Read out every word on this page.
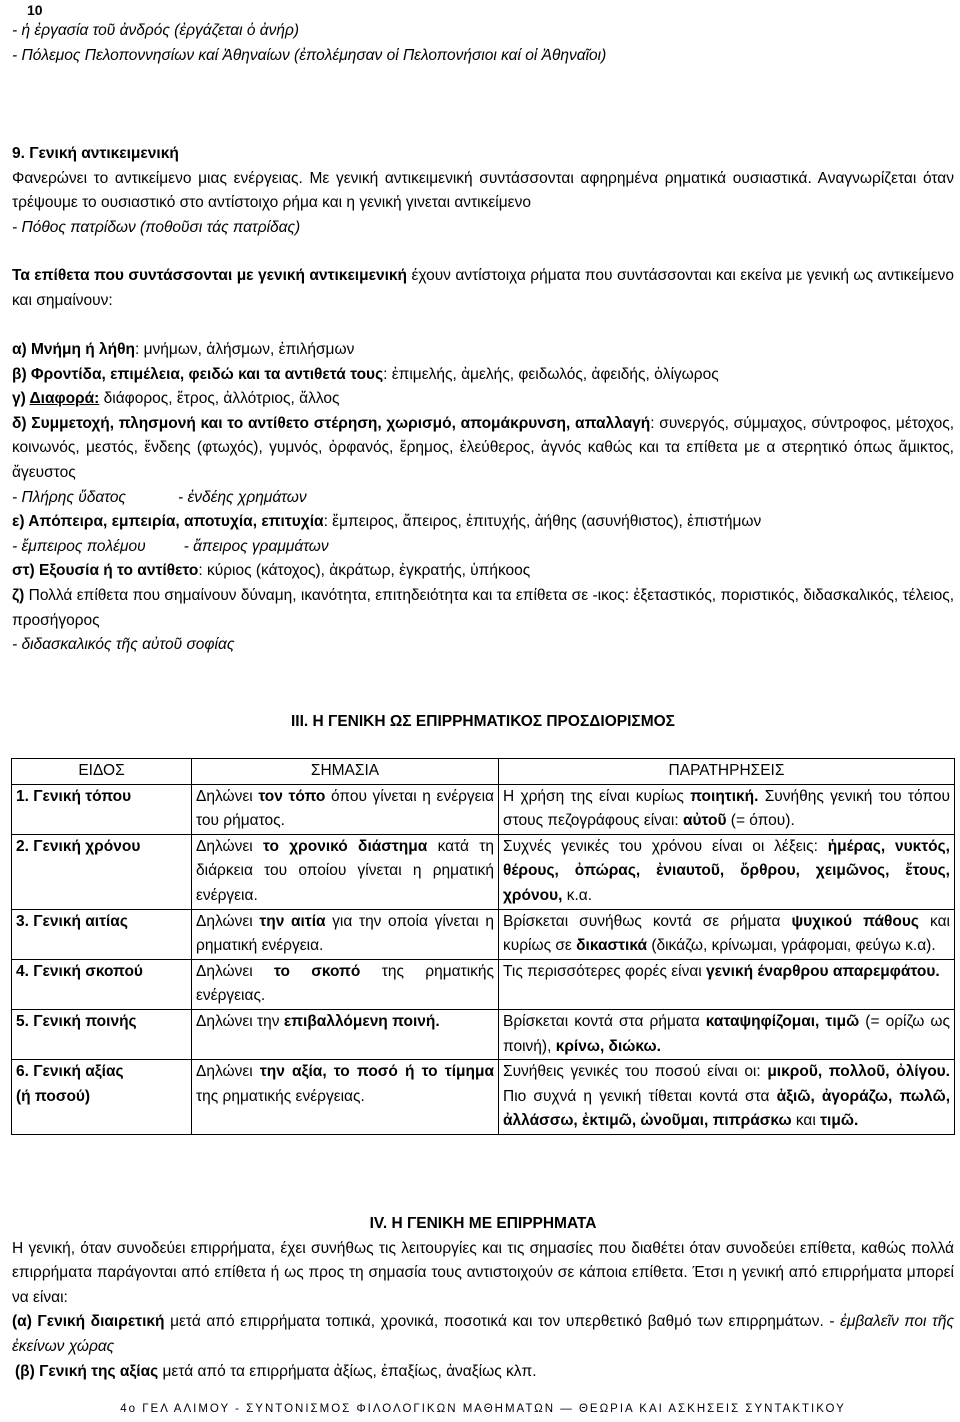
10

- ἡ ἐργασία τοῦ ἀνδρός (ἐργάζεται ὁ ἀνήρ)

- Πόλεμος Πελοποννησίων καί Ἀθηναίων (ἐπολέμησαν οἱ Πελοπονήσιοι καί οἱ Ἀθηναῖοι)

9. Γενική αντικειμενική

Φανερώνει το αντικείμενο μιας ενέργειας. Με γενική αντικειμενική συντάσσονται αφηρημένα ρηματικά ουσιαστικά. Αναγνωρίζεται όταν τρέψουμε το ουσιαστικό στο αντίστοιχο ρήμα και η γενική γινεται αντικείμενο

- Πόθος πατρίδων (ποθοῦσι τάς πατρίδας)

Τα επίθετα που συντάσσονται με γενική αντικειμενική έχουν αντίστοιχα ρήματα που συντάσσονται και εκείνα με γενική ως αντικείμενο και σημαίνουν:

α) Μνήμη ή λήθη: μνήμων, ἀλήσμων, ἐπιλήσμων

β) Φροντίδα, επιμέλεια, φειδώ και τα αντιθετά τους: ἐπιμελής, ἀμελής, φειδωλός, ἀφειδής, ὀλίγωρος

γ) Διαφορά: διάφορος, ἕτρος, ἀλλότριος, ἄλλος

δ) Συμμετοχή, πλησμονή και το αντίθετο στέρηση, χωρισμό, απομάκρυνση, απαλλαγή: συνεργός, σύμμαχος, σύντροφος, μέτοχος, κοινωνός, μεστός, ἔνδεης (φτωχός), γυμνός, ὀρφανός, ἔρημος, ἐλεύθερος, ἁγνός καθώς και τα επίθετα με α στερητικό όπως ἄμικτος, ἄγευστος

- Πλήρης ὕδατος	- ἐνδέης χρημάτων

ε) Απόπειρα, εμπειρία, αποτυχία, επιτυχία: ἔμπειρος, ἄπειρος, ἐπιτυχής, ἀήθης (ασυνήθιστος), ἐπιστήμων

- ἔμπειρος πολέμου - ἄπειρος γραμμάτων

στ) Εξουσία ή το αντίθετο: κύριος (κάτοχος), ἀκράτωρ, ἐγκρατής, ὑπήκοος

ζ) Πολλά επίθετα που σημαίνουν δύναμη, ικανότητα, επιτηδειότητα και τα επίθετα σε -ικος: ἐξεταστικός, ποριστικός, διδασκαλικός, τέλειος, προσήγορος

- διδασκαλικός τῆς αὐτοῦ σοφίας

ΙΙΙ. Η ΓΕΝΙΚΗ ΩΣ ΕΠΙΡΡΗΜΑΤΙΚΟΣ ΠΡΟΣΔΙΟΡΙΣΜΟΣ
ΕΙΔΟΣ	ΣΗΜΑΣΙΑ	ΠΑΡΑΤΗΡΗΣΕΙΣ
1. Γενική τόπου	Δηλώνει τον τόπο όπου γίνεται η ενέργεια του ρήματος.	Η χρήση της είναι κυρίως ποιητική. Συνήθης γενική του τόπου στους πεζογράφους είναι: αὐτοῦ (= όπου).
2. Γενική χρόνου	Δηλώνει το χρονικό διάστημα κατά τη διάρκεια του οποίου γίνεται η ρηματική ενέργεια.	Συχνές γενικές του χρόνου είναι οι λέξεις: ἡμέρας, νυκτός, θέρους, ὀπώρας, ἐνιαυτοῦ, ὄρθρου, χειμῶνος, ἔτους, χρόνου, κ.α.
3. Γενική αιτίας	Δηλώνει την αιτία για την οποία γίνεται η ρηματική ενέργεια.	Βρίσκεται συνήθως κοντά σε ρήματα ψυχικού πάθους και κυρίως σε δικαστικά (δικάζω, κρίνωμαι, γράφομαι, φεύγω κ.α).
4. Γενική σκοπού	Δηλώνει το σκοπό της ρηματικής ενέργειας.	Τις περισσότερες φορές είναι γενική έναρθρου απαρεμφάτου.
5. Γενική ποινής	Δηλώνει την επιβαλλόμενη ποινή.	Βρίσκεται κοντά στα ρήματα καταψηφίζομαι, τιμῶ (= ορίζω ως ποινή), κρίνω, διώκω.

6. Γενική αξίας
(ή ποσού)	Δηλώνει την αξία, το ποσό ή το τίμημα της ρηματικής ενέργειας.	Συνήθεις γενικές του ποσού είναι οι: μικροῦ, πολλοῦ, ὀλίγου. Πιο συχνά η γενική τίθεται κοντά στα ἀξιῶ, ἀγοράζω, πωλῶ, ἀλλάσσω, ἐκτιμῶ, ὠνοῦμαι, πιπράσκω και τιμῶ.

IV. Η ΓΕΝΙΚΗ ΜΕ ΕΠΙΡΡΗΜΑΤΑ

Η γενική, όταν συνοδεύει επιρρήματα, έχει συνήθως τις λειτουργίες και τις σημασίες που διαθέτει όταν συνοδεύει επίθετα, καθώς πολλά επιρρήματα παράγονται από επίθετα ή ως προς τη σημασία τους αντιστοιχούν σε κάποια επίθετα. Έτσι η γενική από επιρρήματα μπορεί να είναι:

(α) Γενική διαιρετική μετά από επιρρήματα τοπικά, χρονικά, ποσοτικά και τον υπερθετικό βαθμό των επιρρημάτων. - ἐμβαλεῖν ποι τῆς ἐκείνων χώρας

(β) Γενική της αξίας μετά από τα επιρρήματα ἀξίως, ἐπαξίως, ἀναξίως κλπ.

4ο ΓΕΛ ΑΛΙΜΟΥ - ΣΥΝΤΟΝΙΣΜΟΣ ΦΙΛΟΛΟΓΙΚΩΝ ΜΑΘΗΜΑΤΩΝ — ΘΕΩΡΙΑ ΚΑΙ ΑΣΚΗΣΕΙΣ ΣΥΝΤΑΚΤΙΚΟΥ
